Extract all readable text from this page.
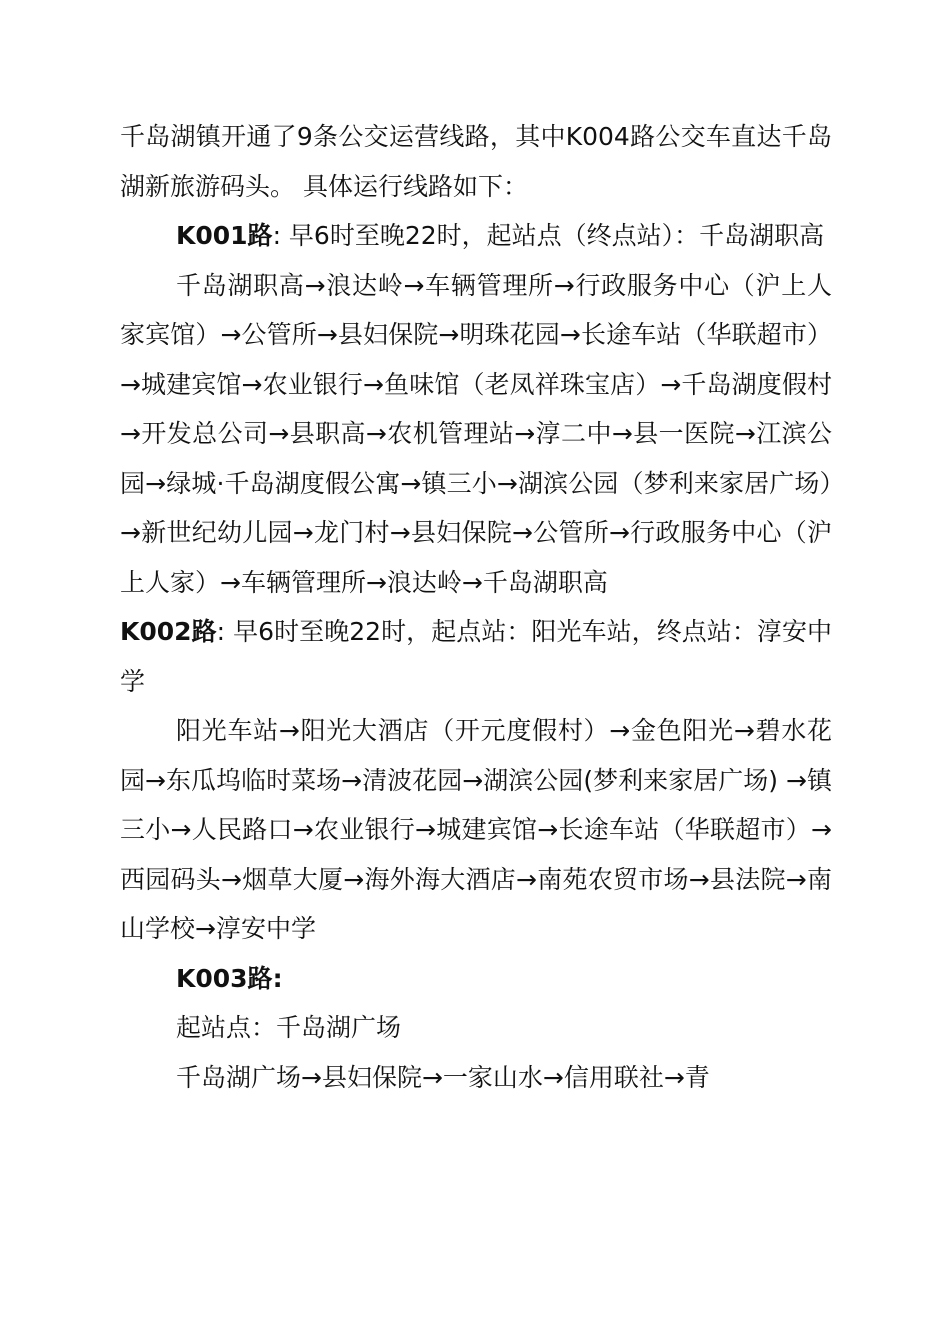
千岛湖镇开通了9条公交运营线路，其中K004路公交车直达千岛湖新旅游码头。 具体运行线路如下：

K001路: 早6时至晚22时，起站点（终点站）：千岛湖职高

千岛湖职高→浪达岭→车辆管理所→行政服务中心（沪上人家宾馆）→公管所→县妇保院→明珠花园→长途车站（华联超市）→城建宾馆→农业银行→鱼味馆（老凤祥珠宝店）→千岛湖度假村→开发总公司→县职高→农机管理站→淳二中→县一医院→江滨公园→绿城·千岛湖度假公寓→镇三小→湖滨公园（梦利来家居广场）→新世纪幼儿园→龙门村→县妇保院→公管所→行政服务中心（沪上人家）→车辆管理所→浪达岭→千岛湖职高

K002路: 早6时至晚22时，起点站：阳光车站，终点站：淳安中学

阳光车站→阳光大酒店（开元度假村）→金色阳光→碧水花园→东瓜坞临时菜场→清波花园→湖滨公园(梦利来家居广场) →镇三小→人民路口→农业银行→城建宾馆→长途车站（华联超市）→西园码头→烟草大厦→海外海大酒店→南苑农贸市场→县法院→南山学校→淳安中学

K003路:

起站点：千岛湖广场

千岛湖广场→县妇保院→一家山水→信用联社→青
